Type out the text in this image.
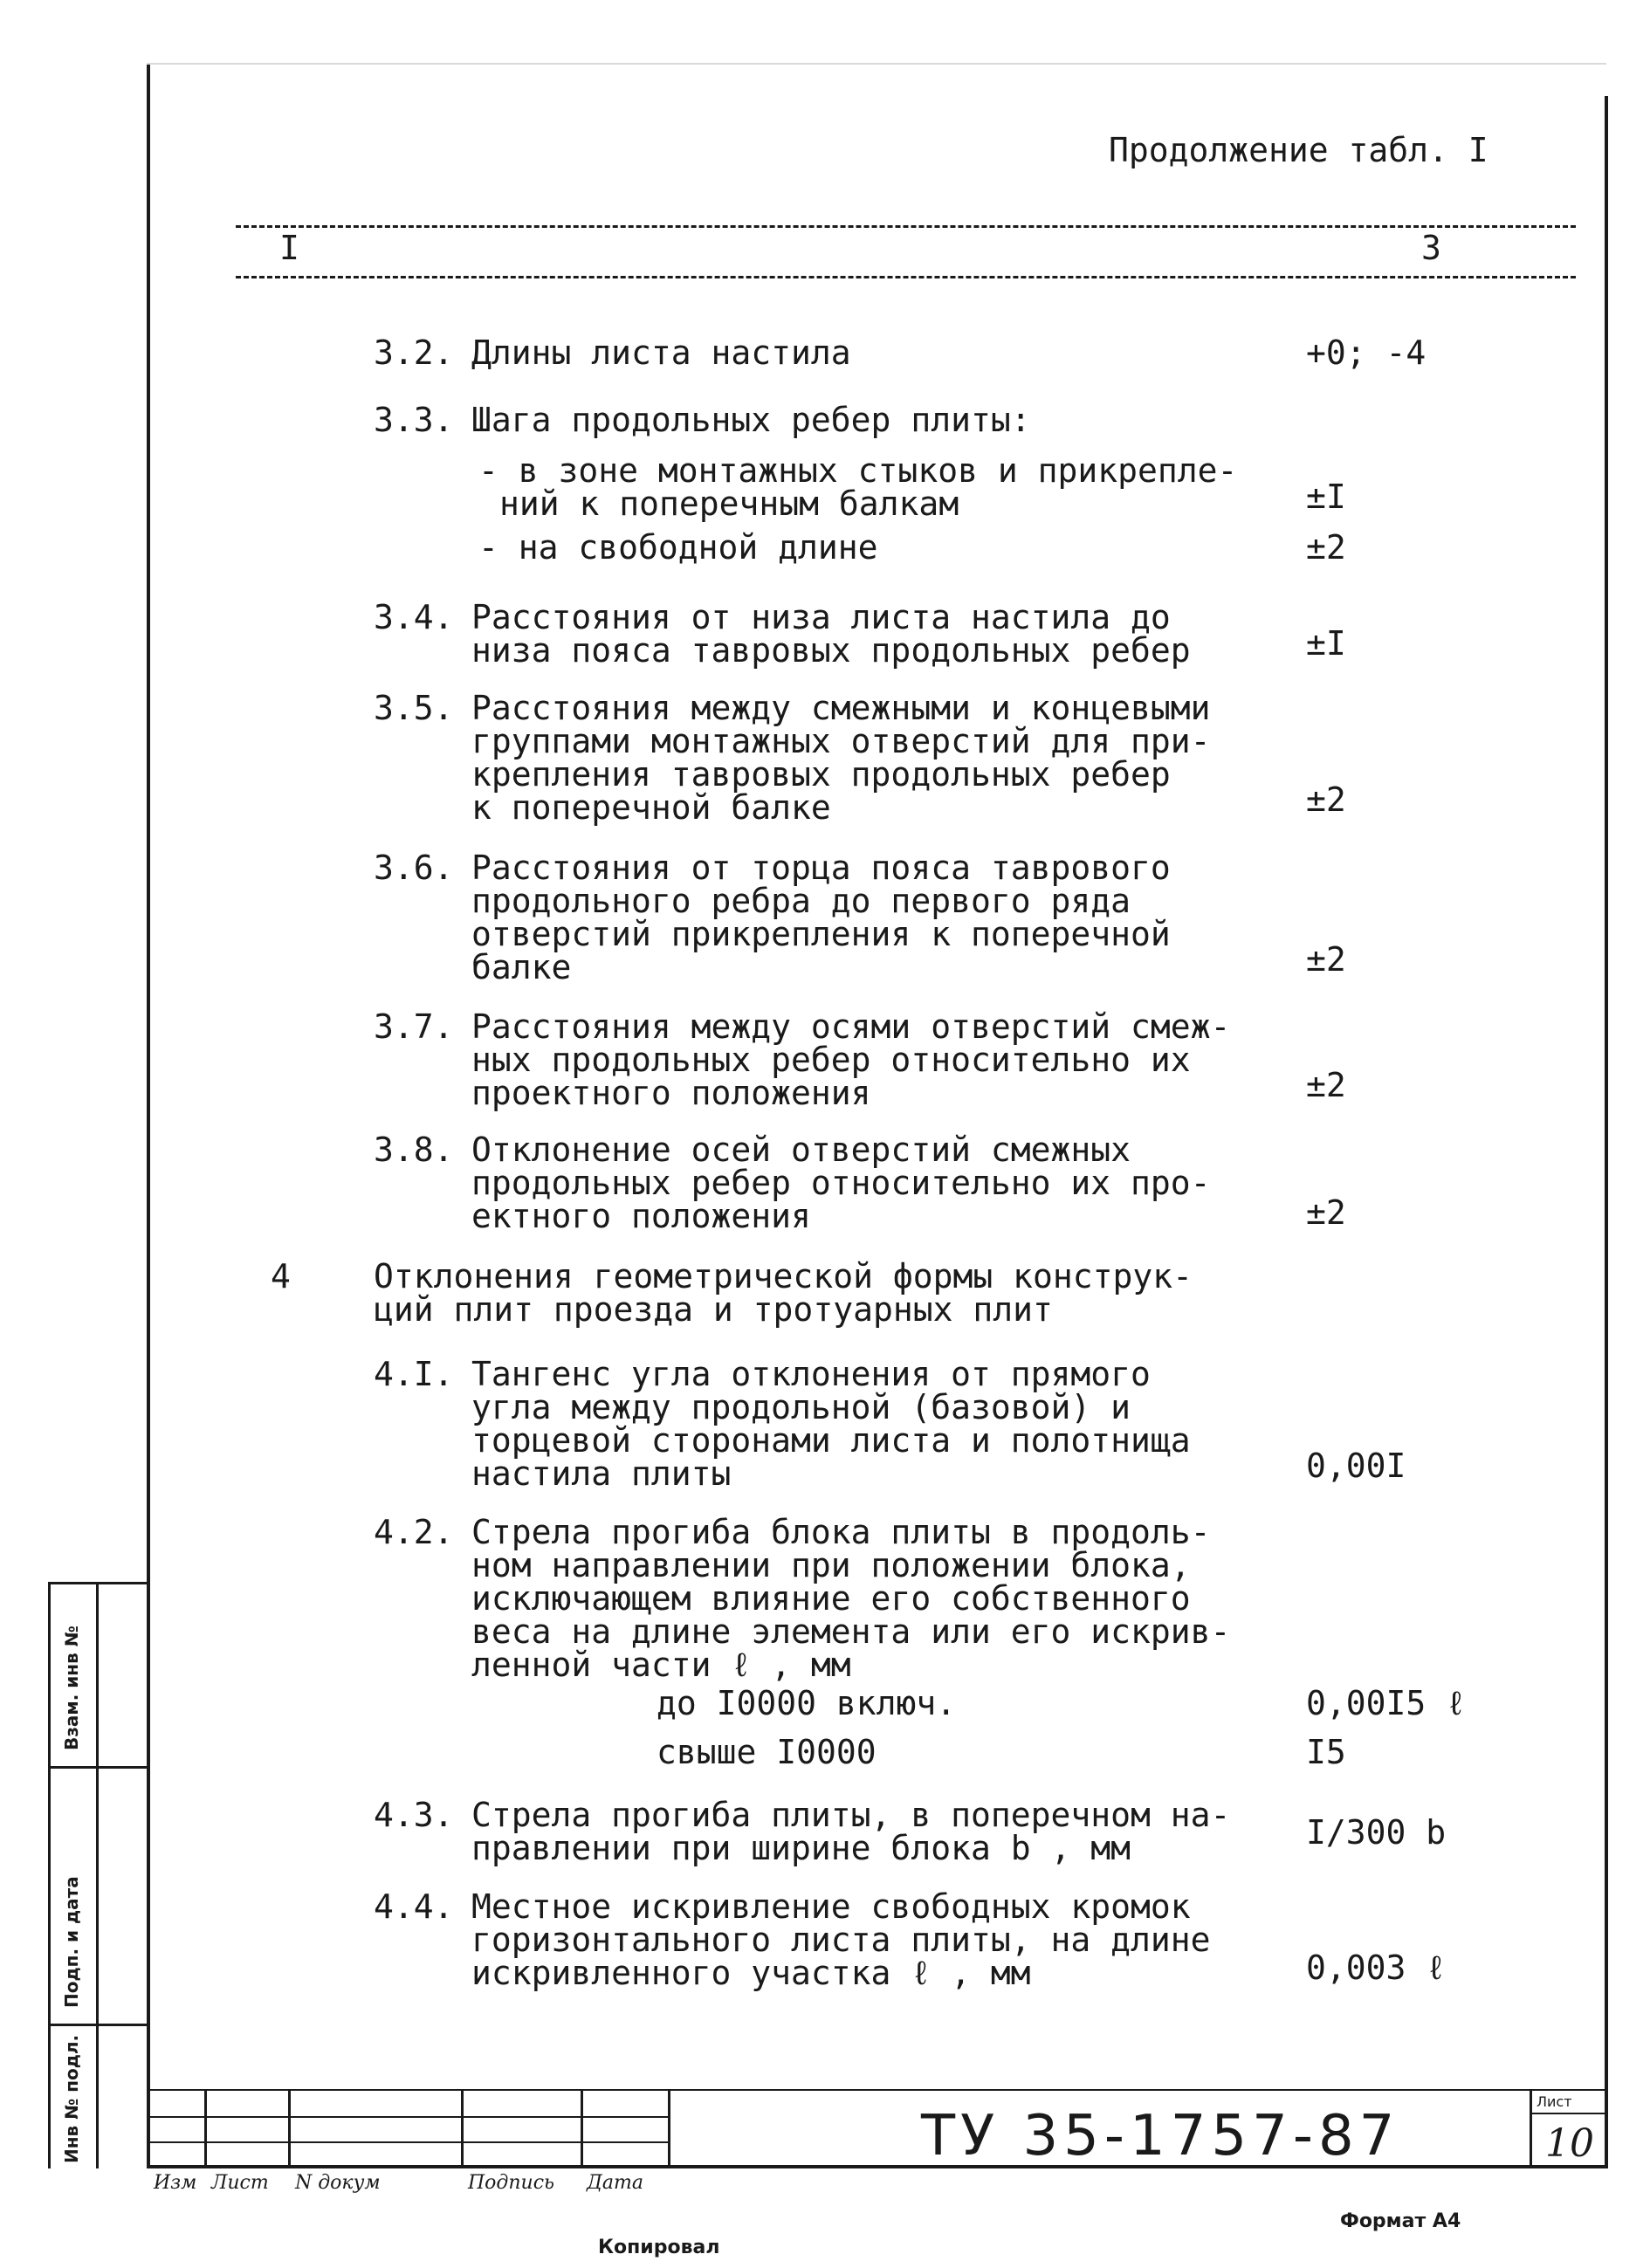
Продолжение табл. I
I	3
3.2. Длины листа настила	+0; -4
3.3. Шага продольных ребер плиты:
- в зоне монтажных стыков и прикрепле-
ний к поперечным балкам	±I
- на свободной длине	±2
3.4. Расстояния от низа листа настила до
низа пояса тавровых продольных ребер	±I
3.5. Расстояния между смежными и концевыми
группами монтажных отверстий для при-
крепления тавровых продольных ребер
к поперечной балке	±2
3.6. Расстояния от торца пояса таврового
продольного ребра до первого ряда
отверстий прикрепления к поперечной
балке	±2
3.7. Расстояния между осями отверстий смеж-
ных продольных ребер относительно их
проектного положения	±2
3.8. Отклонение осей отверстий смежных
продольных ребер относительно их про-
ектного положения	±2
4	Отклонения геометрической формы конструк-
ций плит проезда и тротуарных плит
4.I. Тангенс угла отклонения от прямого
угла между продольной (базовой) и
торцевой сторонами листа и полотнища
настила плиты	0,00I
4.2. Стрела прогиба блока плиты в продоль-
ном направлении при положении блока,
исключающем влияние его собственного
веса на длине элемента или его искрив-
ленной части ℓ , мм
до I0000 включ.	0,00I5 ℓ
свыше I0000	I5
4.3. Стрела прогиба плиты, в поперечном на-
правлении при ширине блока b , мм	I/300 b
4.4. Местное искривление свободных кромок
горизонтального листа плиты, на длине
искривленного участка ℓ , мм	0,003 ℓ
ТУ 35-1757-87
Лист
10
Изм Лист N докум	Подпись Дата
Копировал
Формат А4
Инв № подл.
Подп. и дата
Взам. инв №
